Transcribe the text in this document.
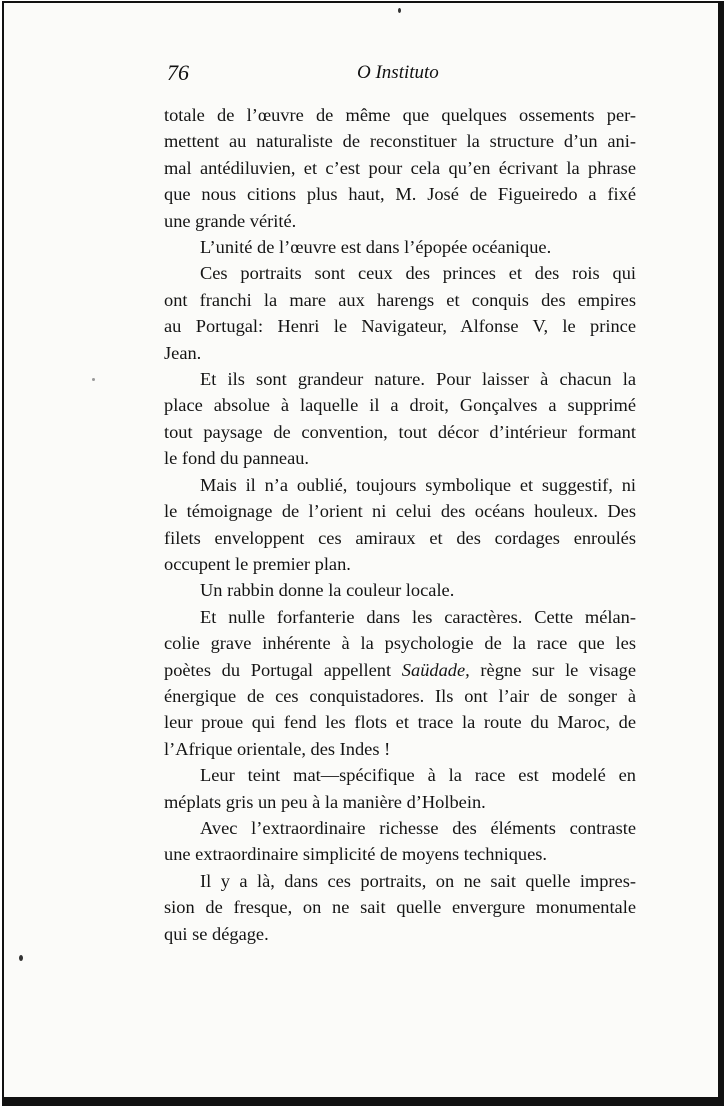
76	O Instituto

totale de l’œuvre de même que quelques ossements per-
mettent au naturaliste de reconstituer la structure d’un ani-
mal antédiluvien, et c’est pour cela qu’en écrivant la phrase
que nous citions plus haut, M. José de Figueiredo a fixé
une grande vérité.

L’unité de l’œuvre est dans l’épopée océanique.

Ces portraits sont ceux des princes et des rois qui
ont franchi la mare aux harengs et conquis des empires
au Portugal: Henri le Navigateur, Alfonse V, le prince
Jean.

Et ils sont grandeur nature. Pour laisser à chacun la
place absolue à laquelle il a droit, Gonçalves a supprimé
tout paysage de convention, tout décor d’intérieur formant
le fond du panneau.

Mais il n’a oublié, toujours symbolique et suggestif, ni
le témoignage de l’orient ni celui des océans houleux. Des
filets enveloppent ces amiraux et des cordages enroulés
occupent le premier plan.

Un rabbin donne la couleur locale.

Et nulle forfanterie dans les caractères. Cette mélan-
colie grave inhérente à la psychologie de la race que les
poètes du Portugal appellent Saüdade, règne sur le visage
énergique de ces conquistadores. Ils ont l’air de songer à
leur proue qui fend les flots et trace la route du Maroc, de
l’Afrique orientale, des Indes !

Leur teint mat—spécifique à la race est modelé en
méplats gris un peu à la manière d’Holbein.

Avec l’extraordinaire richesse des éléments contraste
une extraordinaire simplicité de moyens techniques.

Il y a là, dans ces portraits, on ne sait quelle impres-
sion de fresque, on ne sait quelle envergure monumentale
qui se dégage.
